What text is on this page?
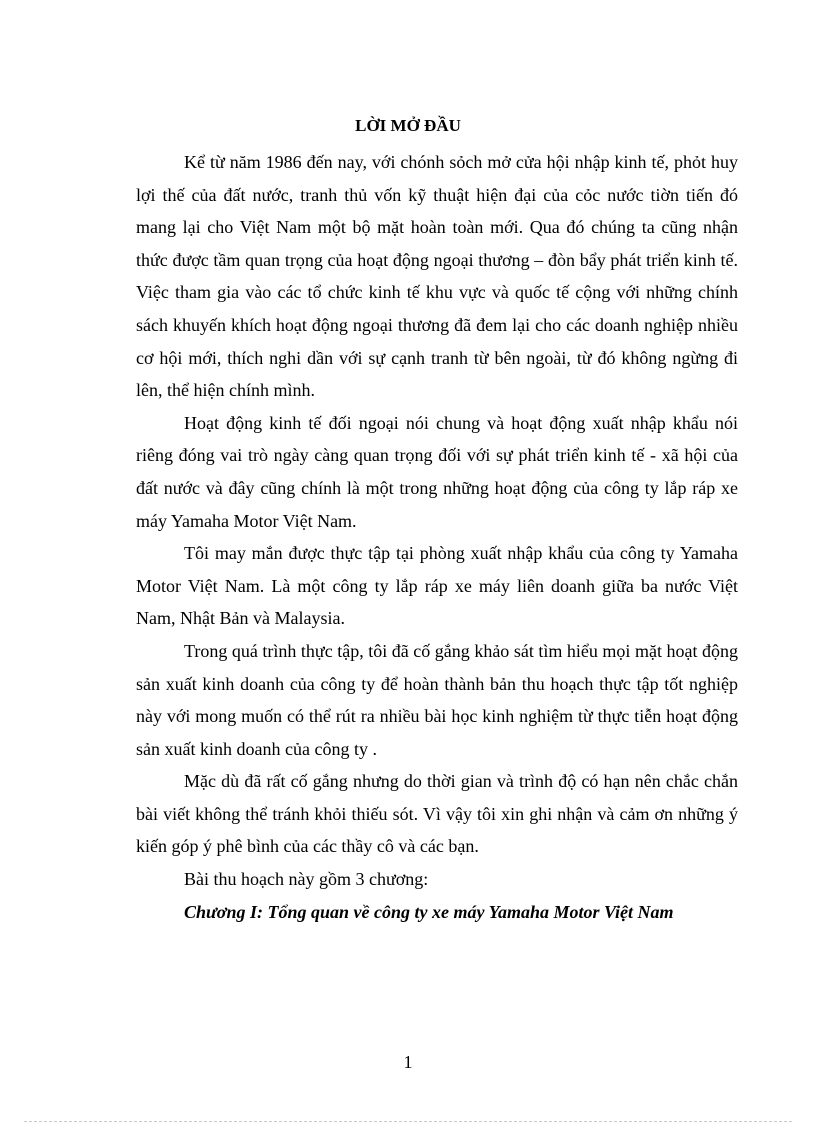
LỜI MỞ ĐẦU

Kể từ năm 1986 đến nay, với chónh sỏch mở cửa hội nhập kinh tế, phỏt huy lợi thế của đất nước, tranh thủ vốn kỹ thuật hiện đại của cỏc nước tiờn tiến đó mang lại cho Việt Nam một bộ mặt hoàn toàn mới. Qua đó chúng ta cũng nhận thức được tầm quan trọng của hoạt động ngoại thương – đòn bẩy phát triển kinh tế. Việc tham gia vào các tổ chức kinh tế khu vực và quốc tế cộng với những chính sách khuyến khích hoạt động ngoại thương đã đem lại cho các doanh nghiệp nhiều cơ hội mới, thích nghi dần với sự cạnh tranh từ bên ngoài, từ đó không ngừng đi lên, thể hiện chính mình.

Hoạt động kinh tế đối ngoại nói chung và hoạt động xuất nhập khẩu nói riêng đóng vai trò ngày càng quan trọng đối với sự phát triển kinh tế - xã hội của đất nước và đây cũng chính là một trong những hoạt động của công ty lắp ráp xe máy Yamaha Motor Việt Nam.

Tôi may mắn được thực tập tại phòng xuất nhập khẩu của công ty Yamaha Motor Việt Nam. Là một công ty lắp ráp xe máy liên doanh giữa ba nước Việt Nam, Nhật Bản và Malaysia.

Trong quá trình thực tập, tôi đã cố gắng khảo sát tìm hiểu mọi mặt hoạt động sản xuất kinh doanh của công ty để hoàn thành bản thu hoạch thực tập tốt nghiệp này với mong muốn có thể rút ra nhiều bài học kinh nghiệm từ thực tiễn hoạt động sản xuất kinh doanh của công ty .

Mặc dù đã rất cố gắng nhưng do thời gian và trình độ có hạn nên chắc chắn bài viết không thể tránh khỏi thiếu sót. Vì vậy tôi xin ghi nhận và cảm ơn những ý kiến góp ý phê bình của các thầy cô và các bạn.

Bài thu hoạch này gồm 3 chương:

Chương I: Tổng quan về công ty xe máy Yamaha Motor Việt Nam

1
